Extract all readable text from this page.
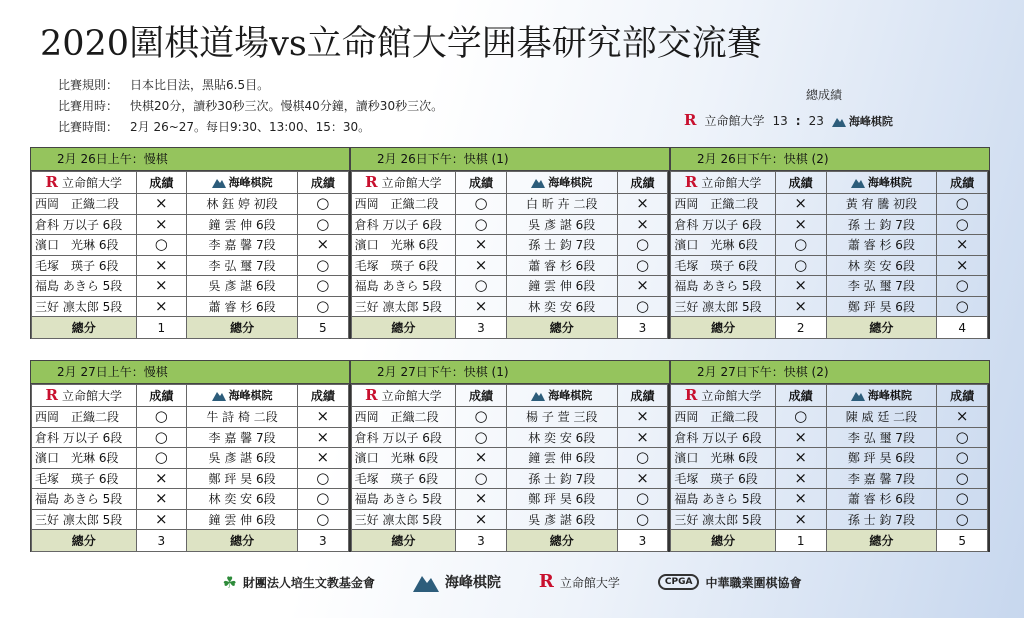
2020圍棋道場vs立命館大学囲碁研究部交流賽
比賽規則： 日本比目法，黑貼6.5目。
比賽用時： 快棋20分，讀秒30秒三次。慢棋40分鐘，讀秒30秒三次。
比賽時間： 2月 26~27。每日9:30、13:00、15：30。
總成績
R 立命館大学 13 : 23 海峰棋院
2月 26日上午：慢棋	2月 26日下午：快棋 (1)	2月 26日下午：快棋 (2)
R 立命館大学	成績	海峰棋院	成績
西岡　正織二段	×	林 鈺 婷 初段	○
倉科 万以子 6段	×	鐘 雲 伸 6段	○
濱口　光琳 6段	○	李 嘉 馨 7段	×
毛塚　瑛子 6段	×	李 弘 璽 7段	○
福島 あきら 5段	×	吳 彥 諶 6段	○
三好 凛太郎 5段	×	蕭 睿 杉 6段	○
總分	1	總分	5
R 立命館大学	成績	海峰棋院	成績
西岡　正織二段	○	白 昕 卉 二段	×
倉科 万以子 6段	○	吳 彥 諶 6段	×
濱口　光琳 6段	×	孫 士 鈞 7段	○
毛塚　瑛子 6段	×	蕭 睿 杉 6段	○
福島 あきら 5段	○	鐘 雲 伸 6段	×
三好 凛太郎 5段	×	林 奕 安 6段	○
總分	3	總分	3
R 立命館大学	成績	海峰棋院	成績
西岡　正織二段	×	黃 宥 騰 初段	○
倉科 万以子 6段	×	孫 士 鈞 7段	○
濱口　光琳 6段	○	蕭 睿 杉 6段	×
毛塚　瑛子 6段	○	林 奕 安 6段	×
福島 あきら 5段	×	李 弘 璽 7段	○
三好 凛太郎 5段	×	鄭 玶 昊 6段	○
總分	2	總分	4
2月 27日上午：慢棋	2月 27日下午：快棋 (1)	2月 27日下午：快棋 (2)
R 立命館大学	成績	海峰棋院	成績
西岡　正織二段	○	牛 詩 椅 二段	×
倉科 万以子 6段	○	李 嘉 馨 7段	×
濱口　光琳 6段	○	吳 彥 諶 6段	×
毛塚　瑛子 6段	×	鄭 玶 昊 6段	○
福島 あきら 5段	×	林 奕 安 6段	○
三好 凛太郎 5段	×	鐘 雲 伸 6段	○
總分	3	總分	3
R 立命館大学	成績	海峰棋院	成績
西岡　正織二段	○	楊 子 萱 三段	×
倉科 万以子 6段	○	林 奕 安 6段	×
濱口　光琳 6段	×	鐘 雲 伸 6段	○
毛塚　瑛子 6段	○	孫 士 鈞 7段	×
福島 あきら 5段	×	鄭 玶 昊 6段	○
三好 凛太郎 5段	×	吳 彥 諶 6段	○
總分	3	總分	3
R 立命館大学	成績	海峰棋院	成績
西岡　正織二段	○	陳 威 廷 二段	×
倉科 万以子 6段	×	李 弘 璽 7段	○
濱口　光琳 6段	×	鄭 玶 昊 6段	○
毛塚　瑛子 6段	×	李 嘉 馨 7段	○
福島 あきら 5段	×	蕭 睿 杉 6段	○
三好 凛太郎 5段	×	孫 士 鈞 7段	○
總分	1	總分	5
☘ 財團法人培生文教基金會	海峰棋院 R 立命館大学	CPGA	中華職業圍棋協會
